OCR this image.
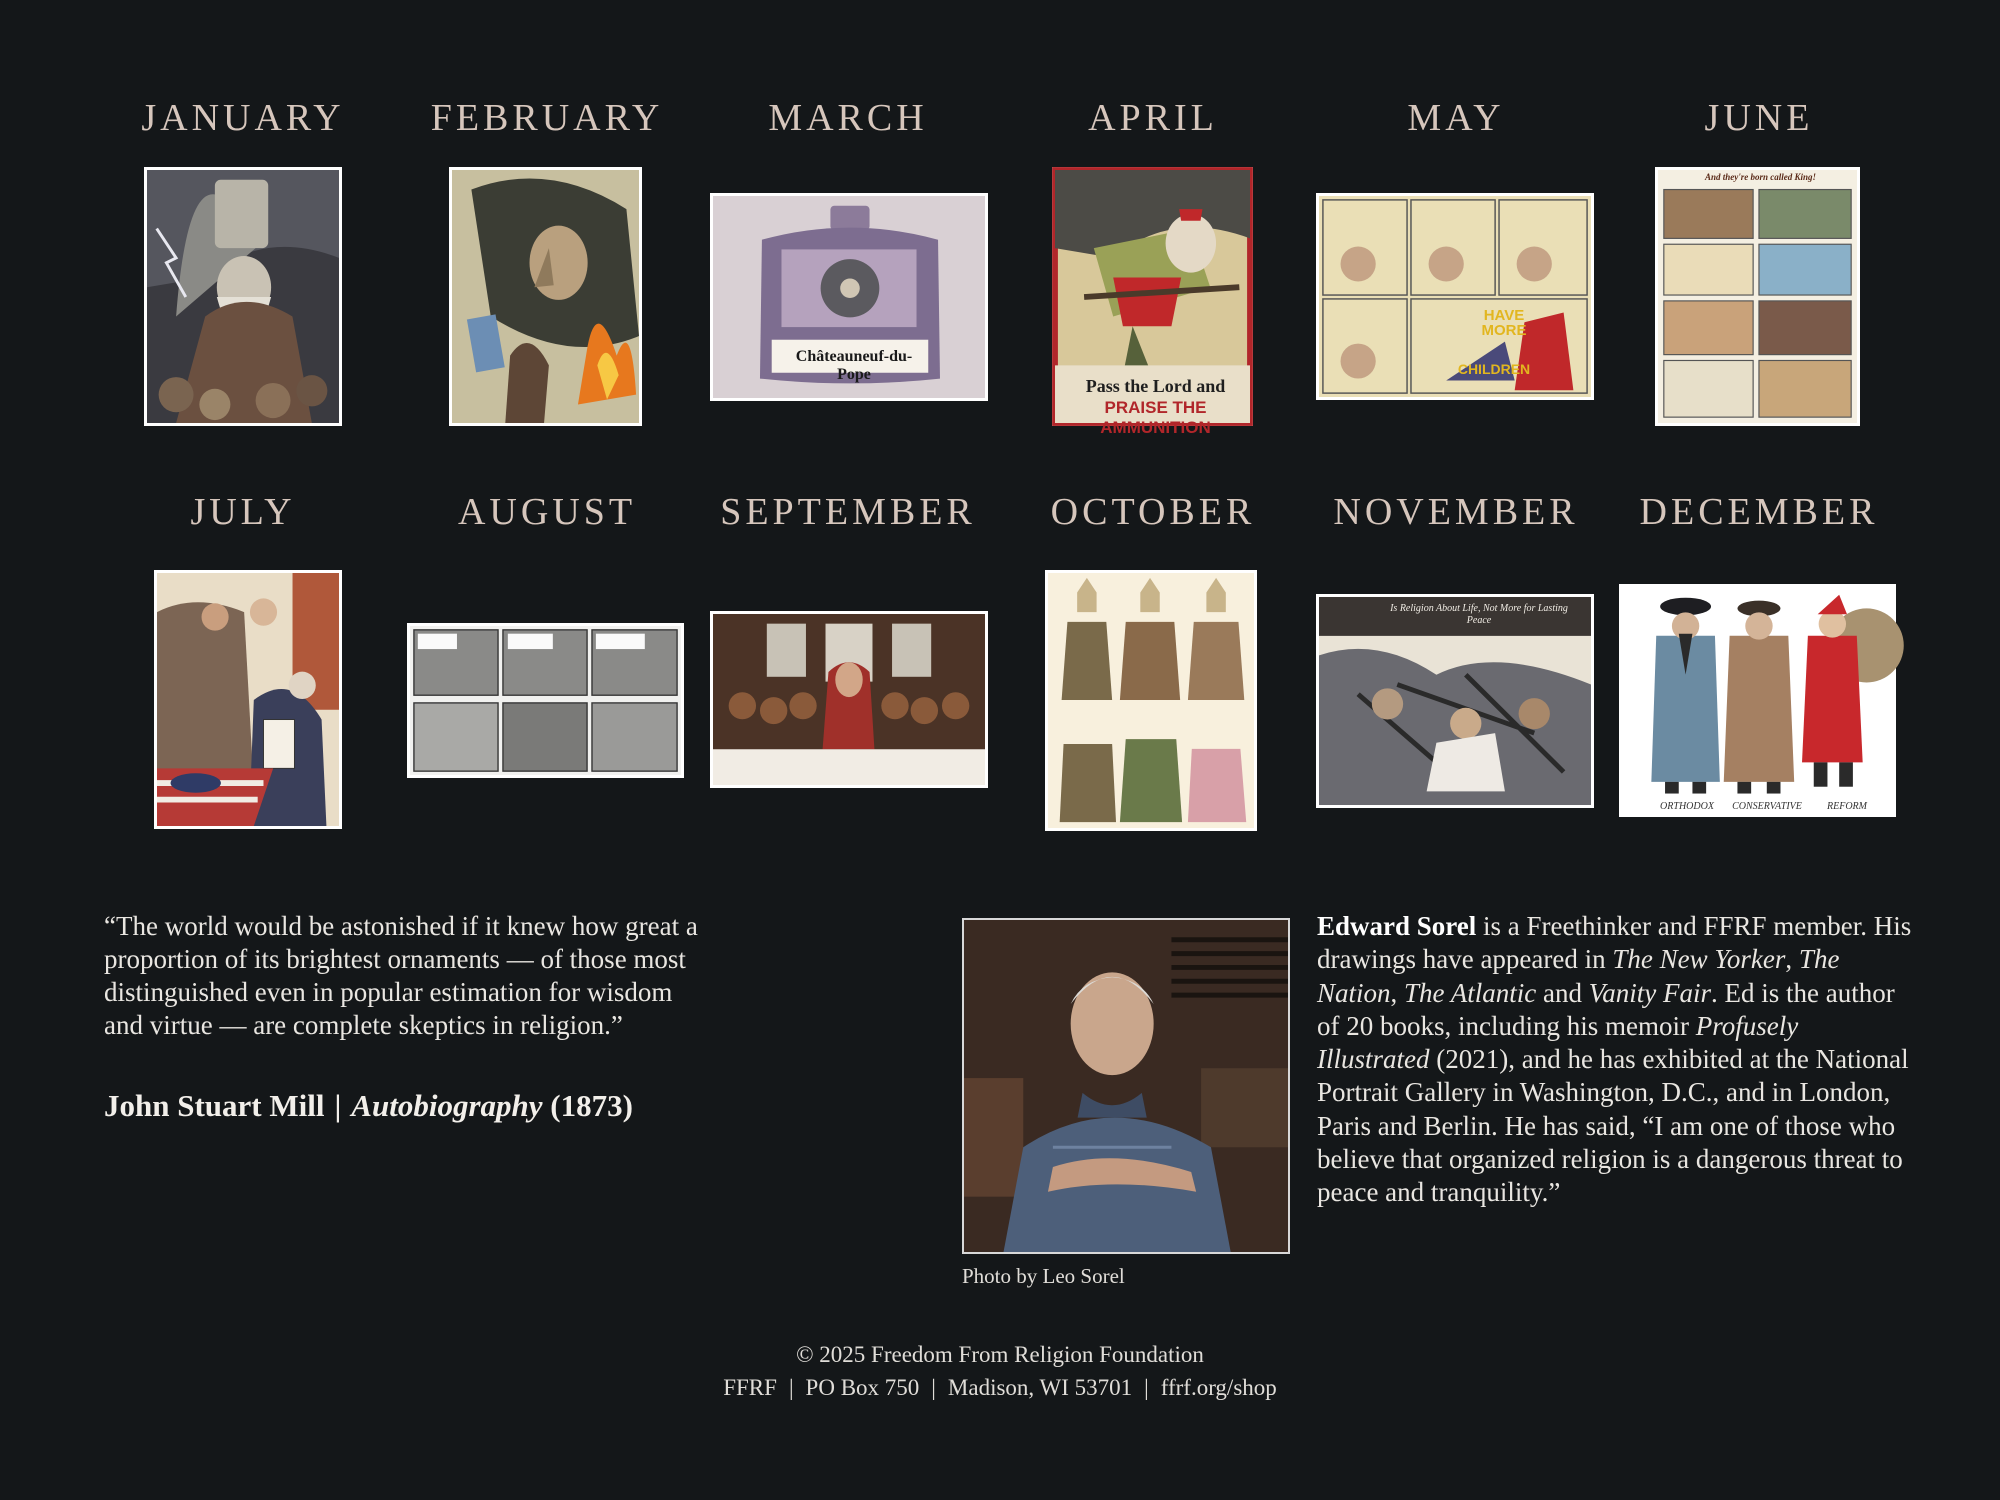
JANUARY	FEBRUARY	MARCH	APRIL	MAY	JUNE
JULY	AUGUST	SEPTEMBER	OCTOBER	NOVEMBER	DECEMBER
Châteauneuf-du-Pope
Pass the Lord and
PRAISE THE AMMUNITION
HAVE MORE
CHILDREN
And they're born called King!
Is Religion About Life, Not More for Lasting Peace
ORTHODOX	CONSERVATIVE	REFORM
“The world would be astonished if it knew how great a proportion of its brightest ornaments — of those most distinguished even in popular estimation for wisdom and virtue — are complete skeptics in religion.”
John Stuart Mill | Autobiography (1873)
Photo by Leo Sorel
Edward Sorel is a Freethinker and FFRF member. His drawings have appeared in The New Yorker, The Nation, The Atlantic and Vanity Fair. Ed is the author of 20 books, including his memoir Profusely Illustrated (2021), and he has exhibited at the National Portrait Gallery in Washington, D.C., and in London, Paris and Berlin. He has said, “I am one of those who believe that organized religion is a dangerous threat to peace and tranquility.”
© 2025 Freedom From Religion Foundation
FFRF | PO Box 750 | Madison, WI 53701 | ffrf.org/shop
